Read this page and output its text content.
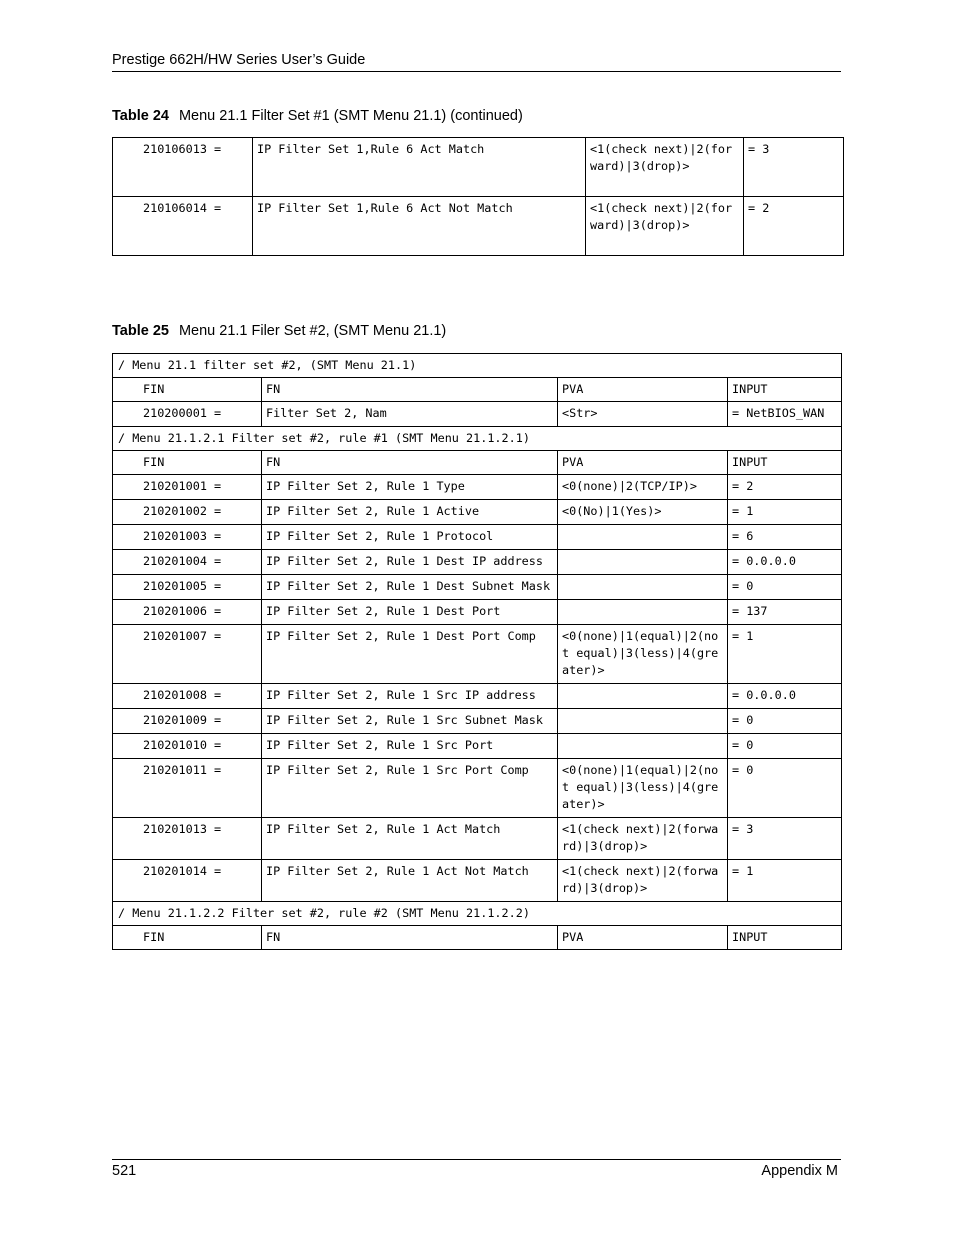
Prestige 662H/HW Series User’s Guide
Table 24 Menu 21.1 Filter Set #1 (SMT Menu 21.1) (continued)
210106013 =	IP Filter Set 1,Rule 6 Act Match	<1(check next)|2(forward)|3(drop)>	= 3
210106014 =	IP Filter Set 1,Rule 6 Act Not Match	<1(check next)|2(forward)|3(drop)>	= 2
Table 25 Menu 21.1 Filer Set #2, (SMT Menu 21.1)
/ Menu 21.1 filter set #2, (SMT Menu 21.1)			
FIN	FN	PVA	INPUT
210200001 =	Filter Set 2, Nam	<Str>	= NetBIOS_WAN
/ Menu 21.1.2.1 Filter set #2, rule #1 (SMT Menu 21.1.2.1)			
FIN	FN	PVA	INPUT
210201001 =	IP Filter Set 2, Rule 1 Type	<0(none)|2(TCP/IP)>	= 2
210201002 =	IP Filter Set 2, Rule 1 Active	<0(No)|1(Yes)>	= 1
210201003 =	IP Filter Set 2, Rule 1 Protocol		= 6
210201004 =	IP Filter Set 2, Rule 1 Dest IP address		= 0.0.0.0
210201005 =	IP Filter Set 2, Rule 1 Dest Subnet Mask		= 0
210201006 =	IP Filter Set 2, Rule 1 Dest Port		= 137
210201007 =	IP Filter Set 2, Rule 1 Dest Port Comp	<0(none)|1(equal)|2(not equal)|3(less)|4(greater)>	= 1
210201008 =	IP Filter Set 2, Rule 1 Src IP address		= 0.0.0.0
210201009 =	IP Filter Set 2, Rule 1 Src Subnet Mask		= 0
210201010 =	IP Filter Set 2, Rule 1 Src Port		= 0
210201011 =	IP Filter Set 2, Rule 1 Src Port Comp	<0(none)|1(equal)|2(not equal)|3(less)|4(greater)>	= 0
210201013 =	IP Filter Set 2, Rule 1 Act Match	<1(check next)|2(forward)|3(drop)>	= 3
210201014 =	IP Filter Set 2, Rule 1 Act Not Match	<1(check next)|2(forward)|3(drop)>	= 1
/ Menu 21.1.2.2 Filter set #2, rule #2 (SMT Menu 21.1.2.2)			
FIN	FN	PVA	INPUT
521	Appendix M
